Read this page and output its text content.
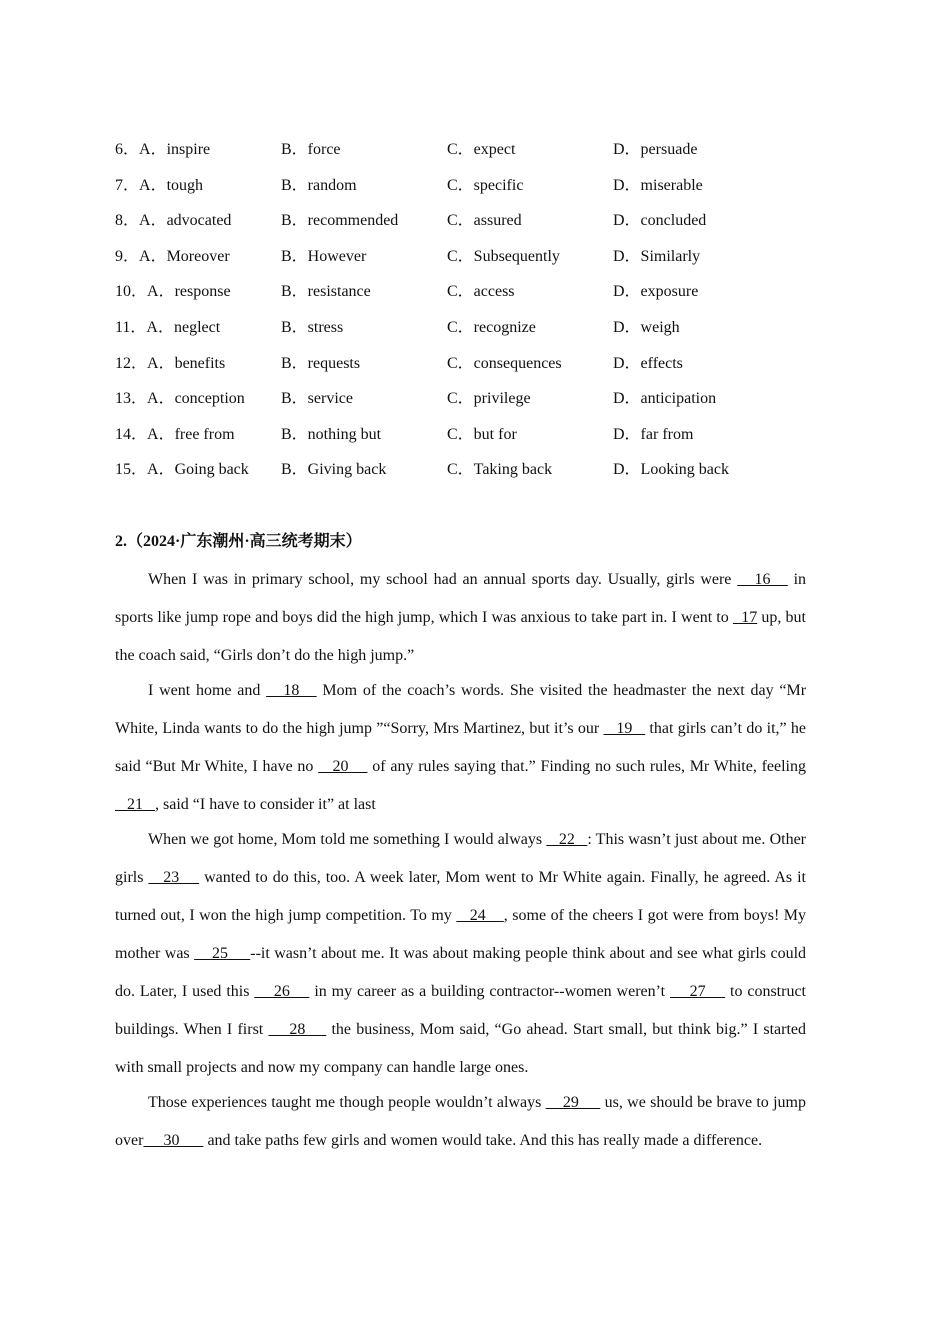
6．A．inspire	B．force	C．expect	D．persuade
7．A．tough	B．random	C．specific	D．miserable
8．A．advocated	B．recommended	C．assured	D．concluded
9．A．Moreover	B．However	C．Subsequently	D．Similarly
10．A．response	B．resistance	C．access	D．exposure
11．A．neglect	B．stress	C．recognize	D．weigh
12．A．benefits	B．requests	C．consequences	D．effects
13．A．conception B．service	C．privilege	D．anticipation
14．A．free from	B．nothing but	C．but for	D．far from
15．A．Going back B．Giving back	C．Taking back	D．Looking back
2.（2024·广东潮州·高三统考期末）

When I was in primary school, my school had an annual sports day. Usually, girls were    16    in sports like jump rope and boys did the high jump, which I was anxious to take part in. I went to   17 up, but the coach said, “Girls don’t do the high jump.”

I went home and    18    Mom of the coach’s words. She visited the headmaster the next day “Mr White, Linda wants to do the high jump ”“Sorry, Mrs Martinez, but it’s our    19    that girls can’t do it,” he said “But Mr White, I have no    20     of any rules saying that.” Finding no such rules, Mr White, feeling   21   , said “I have to consider it” at last

When we got home, Mom told me something I would always    22   : This wasn’t just about me. Other girls    23     wanted to do this, too. A week later, Mom went to Mr White again. Finally, he agreed. As it turned out, I won the high jump competition. To my    24    , some of the cheers I got were from boys! My mother was     25     --it wasn’t about me. It was about making people think about and see what girls could do. Later, I used this     26     in my career as a building contractor--women weren’t     27     to construct buildings. When I first     28     the business, Mom said, “Go ahead. Start small, but think big.” I started with small projects and now my company can handle large ones.

Those experiences taught me though people wouldn’t always     29      us, we should be brave to jump over     30       and take paths few girls and women would take. And this has really made a difference.
